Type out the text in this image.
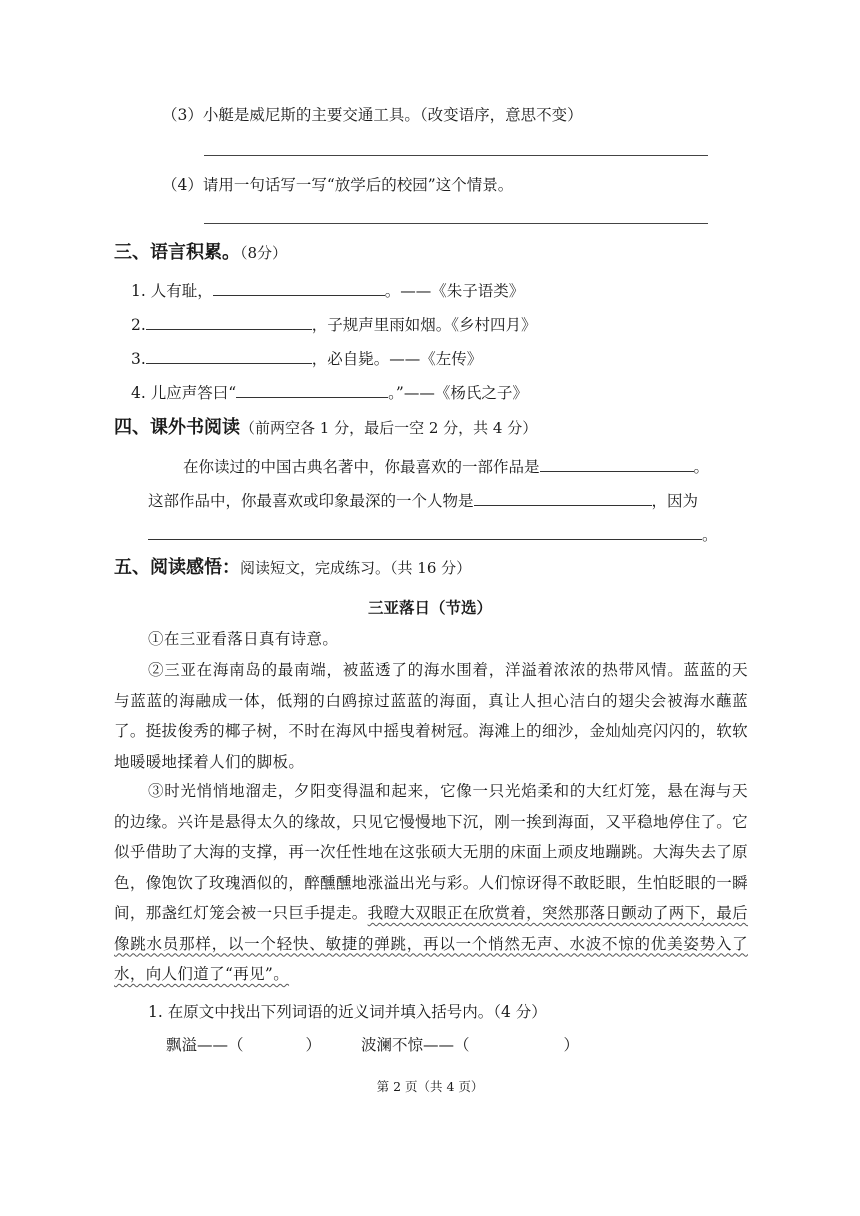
（3）小艇是威尼斯的主要交通工具。（改变语序，意思不变）
（4）请用一句话写一写“放学后的校园”这个情景。
三、语言积累。（8分）
1. 人有耻，	。——《朱子语类》
2.	，子规声里雨如烟。《乡村四月》
3.	，必自毙。——《左传》
4. 儿应声答曰“	。”——《杨氏之子》
四、课外书阅读（前两空各 1 分，最后一空 2 分，共 4 分）
在你读过的中国古典名著中，你最喜欢的一部作品是	。
这部作品中，你最喜欢或印象最深的一个人物是	，因为
。
五、阅读感悟：阅读短文，完成练习。（共 16 分）
三亚落日（节选）
①在三亚看落日真有诗意。
②三亚在海南岛的最南端，被蓝透了的海水围着，洋溢着浓浓的热带风情。蓝蓝的天与蓝蓝的海融成一体，低翔的白鸥掠过蓝蓝的海面，真让人担心洁白的翅尖会被海水蘸蓝了。挺拔俊秀的椰子树，不时在海风中摇曳着树冠。海滩上的细沙，金灿灿亮闪闪的，软软地暖暖地揉着人们的脚板。
③时光悄悄地溜走，夕阳变得温和起来，它像一只光焰柔和的大红灯笼，悬在海与天的边缘。兴许是悬得太久的缘故，只见它慢慢地下沉，刚一挨到海面，又平稳地停住了。它似乎借助了大海的支撑，再一次任性地在这张硕大无朋的床面上顽皮地蹦跳。大海失去了原色，像饱饮了玫瑰酒似的，醉醺醺地涨溢出光与彩。人们惊讶得不敢眨眼，生怕眨眼的一瞬间，那盏红灯笼会被一只巨手提走。我瞪大双眼正在欣赏着，突然那落日颤动了两下，最后像跳水员那样，以一个轻快、敏捷的弹跳，再以一个悄然无声、水波不惊的优美姿势入了水，向人们道了“再见”。
1. 在原文中找出下列词语的近义词并填入括号内。（4 分）
飘溢——（	）	波澜不惊——（	）
第 2 页（共 4 页）
